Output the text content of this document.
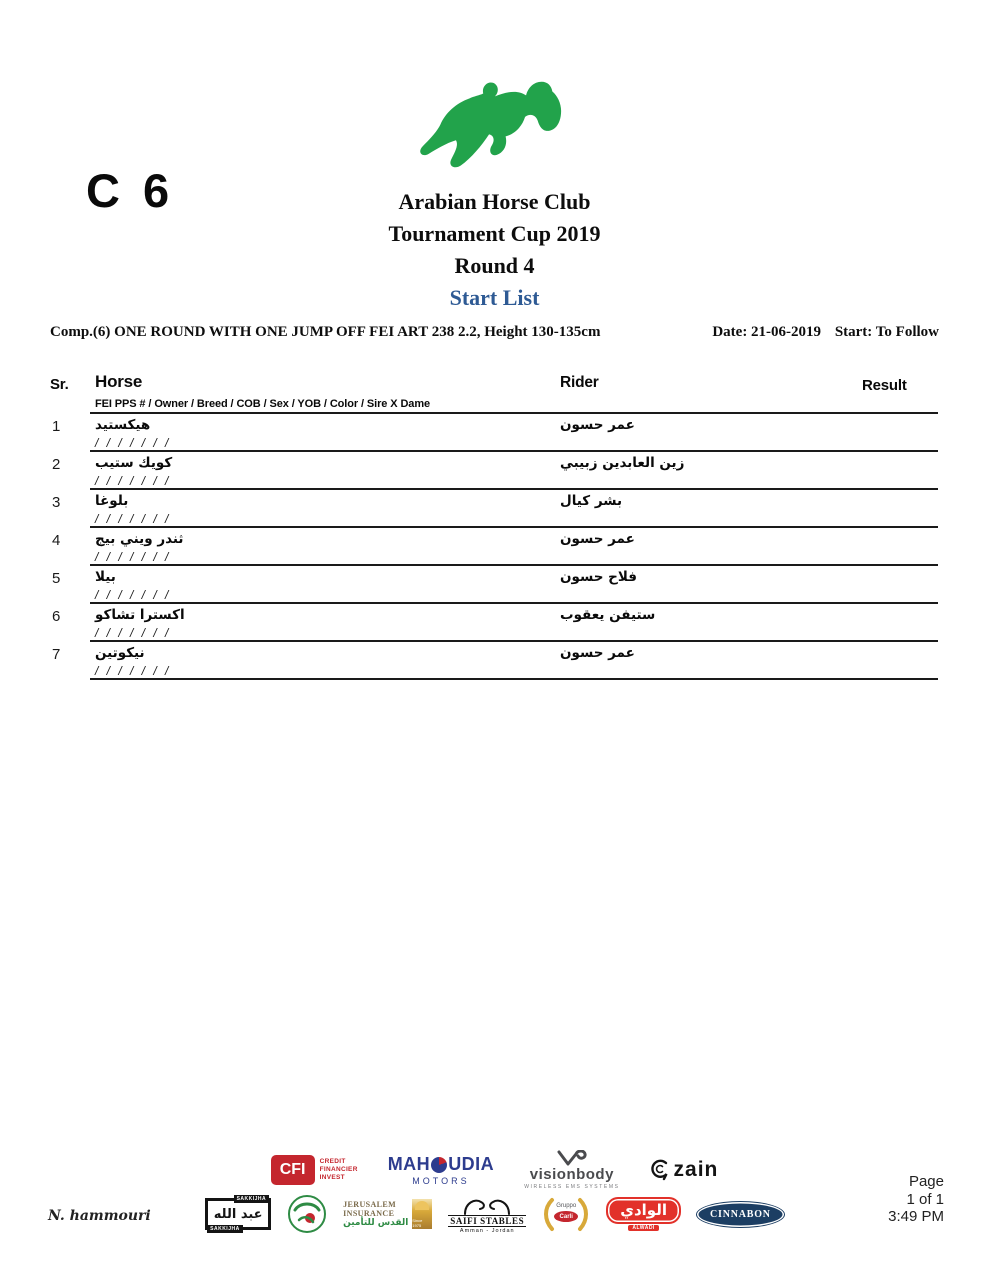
C 6	Arabian Horse Club
Tournament Cup 2019
Round 4
Start List
Comp.(6) ONE ROUND WITH ONE JUMP OFF FEI ART 238 2.2, Height 130-135cm	Date: 21-06-2019 Start: To Follow
Sr. Horse	Rider	Result
FEI PPS # / Owner / Breed / COB / Sex / YOB / Color / Sire X Dame
1	هيكستيد	عمر حسون
/ / / / / / /
2	كويك ستيب	زين العابدين زبيبي
/ / / / / / /
3	بلوغا	بشر كيال
/ / / / / / /
4	ثندر ويني بيج	عمر حسون
/ / / / / / /
5	بيلا	فلاح حسون
/ / / / / / /
6	اكسترا تشاكو	ستيفن يعقوب
/ / / / / / /
7	نيكوتين	عمر حسون
/ / / / / / /
CFI	CREDIT
FINANCIER
INVEST
MAH UDIA
MOTORS	visionbody
WIRELESS EMS SYSTEMS
zain
SAKKIJHA
عبد الله
SAKKIJHA
JERUSALEM
INSURANCE
القدس للتأمين Since 1975	SAIFI STABLES
Amman - Jordan
Gruppo
Carli	الوادي
ALWADI
CINNABON
N. hammouri
Page
1 of 1
3:49 PM
